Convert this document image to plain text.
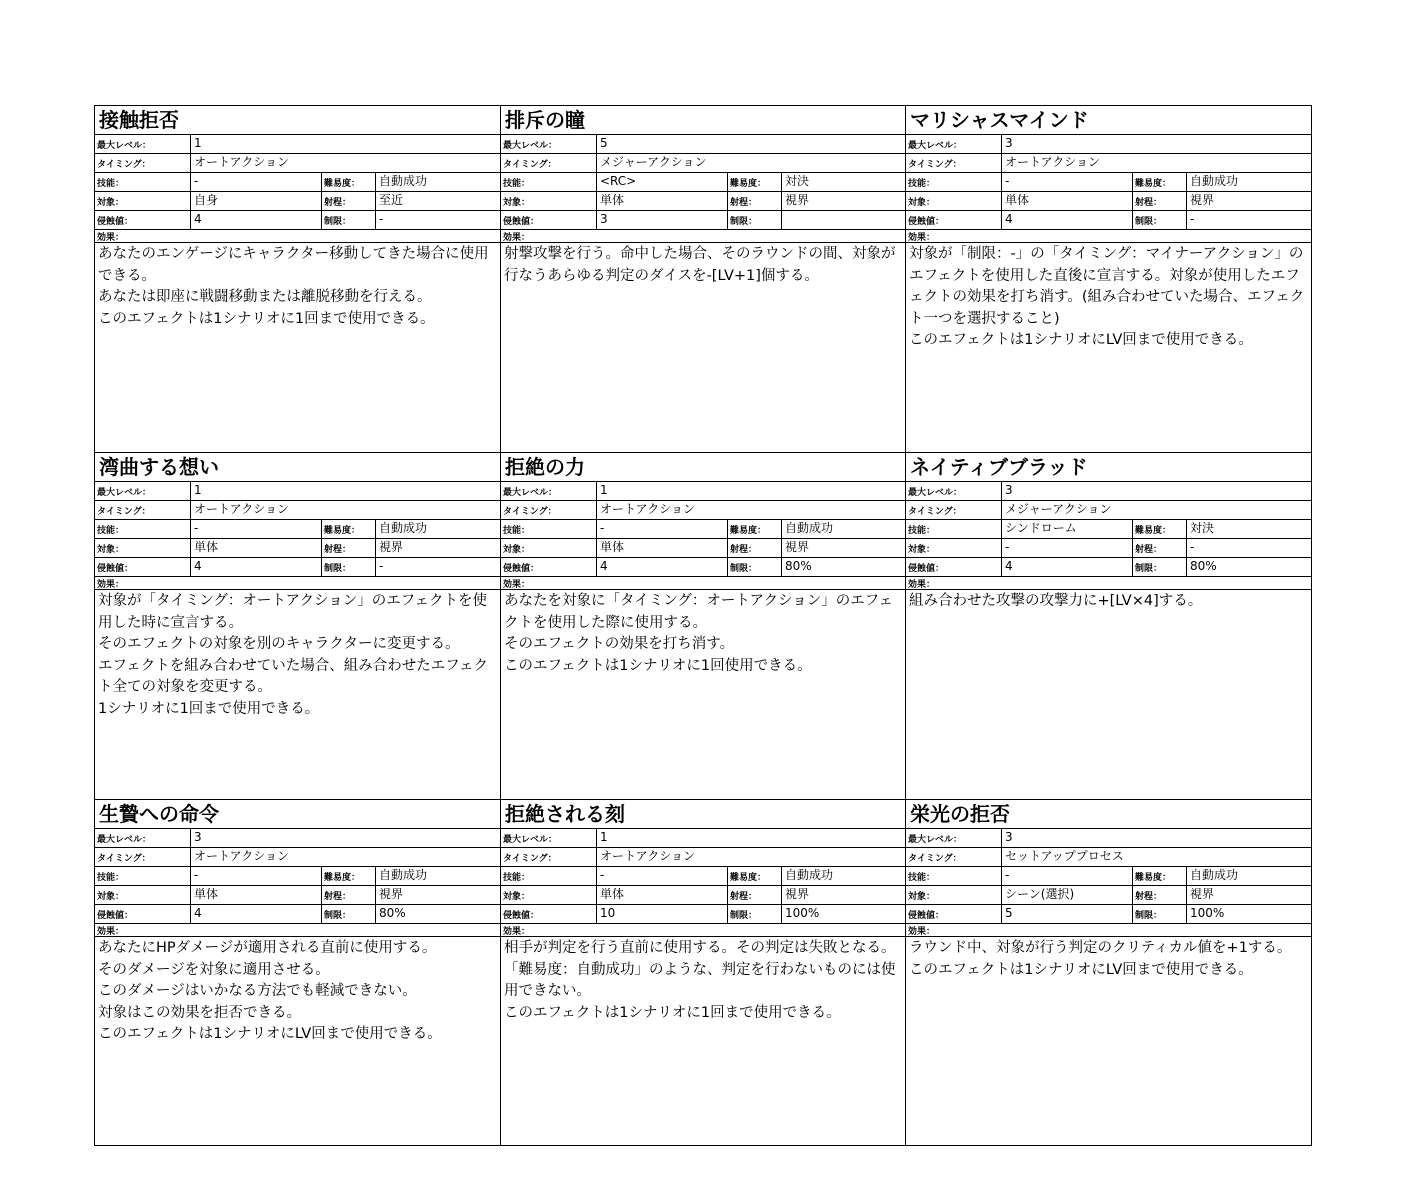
接触拒否
最大レベル：	1
タイミング：	オートアクション
技能：	-	難易度：	自動成功
対象：	自身	射程：	至近
侵蝕値：	4	制限：	-
効果：
あなたのエンゲージにキャラクター移動してきた場合に使用できる。
あなたは即座に戦闘移動または離脱移動を行える。
このエフェクトは1シナリオに1回まで使用できる。
排斥の瞳
最大レベル：	5
タイミング：	メジャーアクション
技能：	<RC>	難易度：	対決
対象：	単体	射程：	視界
侵蝕値：	3	制限：
効果：
射撃攻撃を行う。命中した場合、そのラウンドの間、対象が行なうあらゆる判定のダイスを-[LV+1]個する。
マリシャスマインド
最大レベル：	3
タイミング：	オートアクション
技能：	-	難易度：	自動成功
対象：	単体	射程：	視界
侵蝕値：	4	制限：	-
効果：
対象が「制限：-」の「タイミング：マイナーアクション」のエフェクトを使用した直後に宣言する。対象が使用したエフェクトの効果を打ち消す。(組み合わせていた場合、エフェクト一つを選択すること)
このエフェクトは1シナリオにLV回まで使用できる。
湾曲する想い
最大レベル：	1
タイミング：	オートアクション
技能：	-	難易度：	自動成功
対象：	単体	射程：	視界
侵蝕値：	4	制限：	-
効果：
対象が「タイミング：オートアクション」のエフェクトを使用した時に宣言する。
そのエフェクトの対象を別のキャラクターに変更する。
エフェクトを組み合わせていた場合、組み合わせたエフェクト全ての対象を変更する。
1シナリオに1回まで使用できる。
拒絶の力
最大レベル：	1
タイミング：	オートアクション
技能：	-	難易度：	自動成功
対象：	単体	射程：	視界
侵蝕値：	4	制限：	80%
効果：
あなたを対象に「タイミング：オートアクション」のエフェクトを使用した際に使用する。
そのエフェクトの効果を打ち消す。
このエフェクトは1シナリオに1回使用できる。
ネイティブブラッド
最大レベル：	3
タイミング：	メジャーアクション
技能：	シンドローム	難易度：	対決
対象：	-	射程：	-
侵蝕値：	4	制限：	80%
効果：
組み合わせた攻撃の攻撃力に+[LV×4]する。
生贄への命令
最大レベル：	3
タイミング：	オートアクション
技能：	-	難易度：	自動成功
対象：	単体	射程：	視界
侵蝕値：	4	制限：	80%
効果：
あなたにHPダメージが適用される直前に使用する。
そのダメージを対象に適用させる。
このダメージはいかなる方法でも軽減できない。
対象はこの効果を拒否できる。
このエフェクトは1シナリオにLV回まで使用できる。
拒絶される刻
最大レベル：	1
タイミング：	オートアクション
技能：	-	難易度：	自動成功
対象：	単体	射程：	視界
侵蝕値：	10	制限：	100%
効果：
相手が判定を行う直前に使用する。その判定は失敗となる。「難易度：自動成功」のような、判定を行わないものには使用できない。
このエフェクトは1シナリオに1回まで使用できる。
栄光の拒否
最大レベル：	3
タイミング：	セットアッププロセス
技能：	-	難易度：	自動成功
対象：	シーン(選択)	射程：	視界
侵蝕値：	5	制限：	100%
効果：
ラウンド中、対象が行う判定のクリティカル値を+1する。
このエフェクトは1シナリオにLV回まで使用できる。
